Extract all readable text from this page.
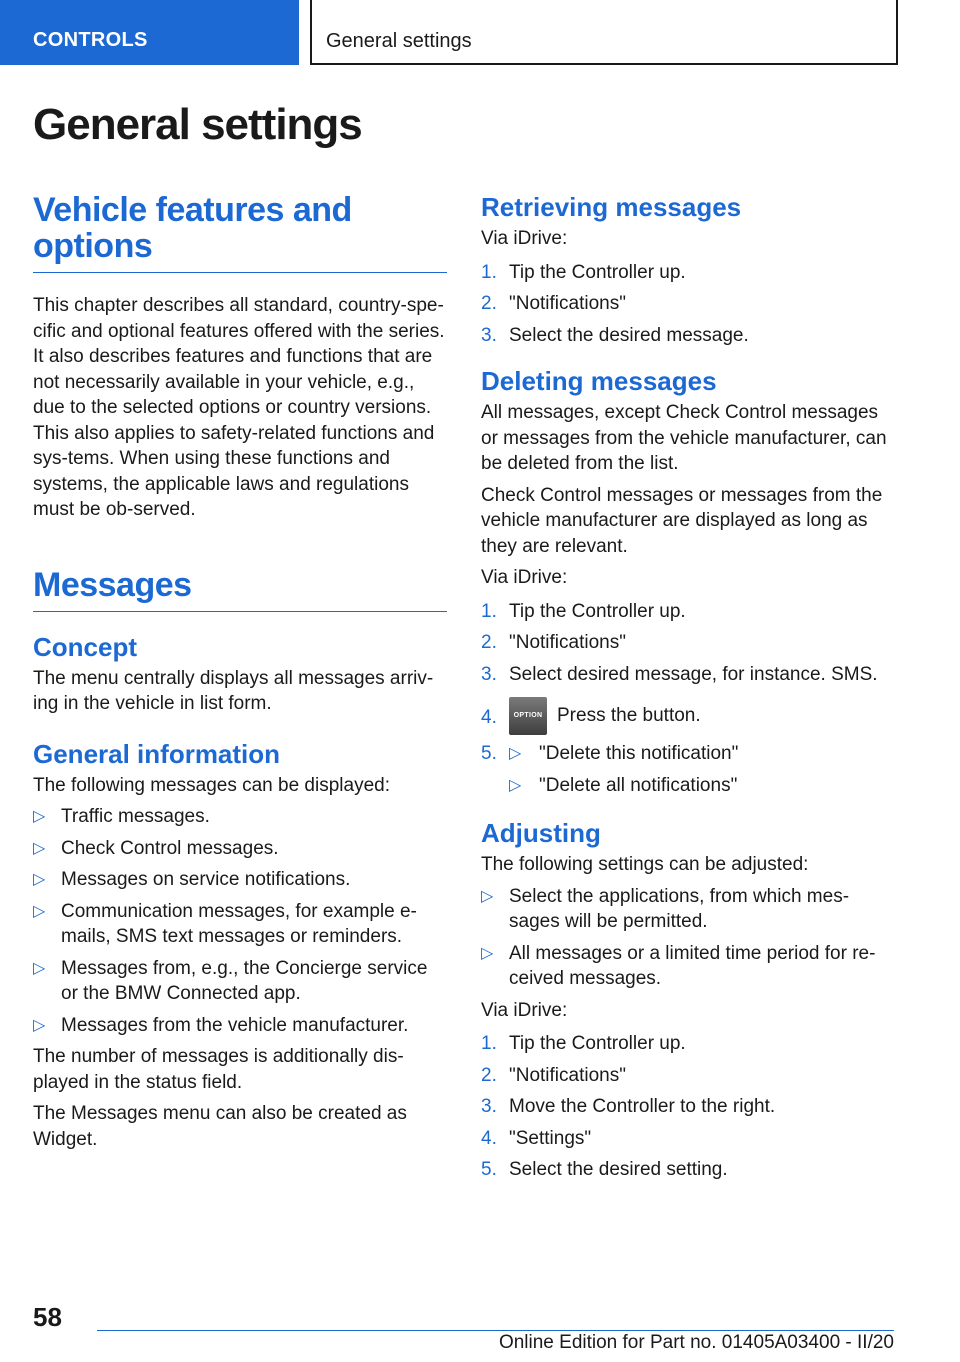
CONTROLS	General settings
General settings
Vehicle features and options

This chapter describes all standard, country-spe-cific and optional features offered with the series. It also describes features and functions that are not necessarily available in your vehicle, e.g., due to the selected options or country versions. This also applies to safety-related functions and sys-tems. When using these functions and systems, the applicable laws and regulations must be ob-served.

Messages
Concept

The menu centrally displays all messages arriv-ing in the vehicle in list form.

General information

The following messages can be displayed:

▷ Traffic messages.
▷ Check Control messages.
▷ Messages on service notifications.
▷ Communication messages, for example e-mails, SMS text messages or reminders.
▷ Messages from, e.g., the Concierge service or the BMW Connected app.
▷ Messages from the vehicle manufacturer.

The number of messages is additionally dis-played in the status field.

The Messages menu can also be created as Widget.

Retrieving messages

Via iDrive:

1. Tip the Controller up.
2. "Notifications"
3. Select the desired message.
Deleting messages

All messages, except Check Control messages or messages from the vehicle manufacturer, can be deleted from the list.

Check Control messages or messages from the vehicle manufacturer are displayed as long as they are relevant.

Via iDrive:

1. Tip the Controller up.
2. "Notifications"
3. Select desired message, for instance. SMS.
4. OPTION Press the button.
5. ▷ "Delete this notification"
▷ "Delete all notifications"
Adjusting

The following settings can be adjusted:

▷ Select the applications, from which mes-sages will be permitted.
▷ All messages or a limited time period for re-ceived messages.

Via iDrive:

1. Tip the Controller up.
2. "Notifications"
3. Move the Controller to the right.
4. "Settings"
5. Select the desired setting.
58
Online Edition for Part no. 01405A03400 - II/20
